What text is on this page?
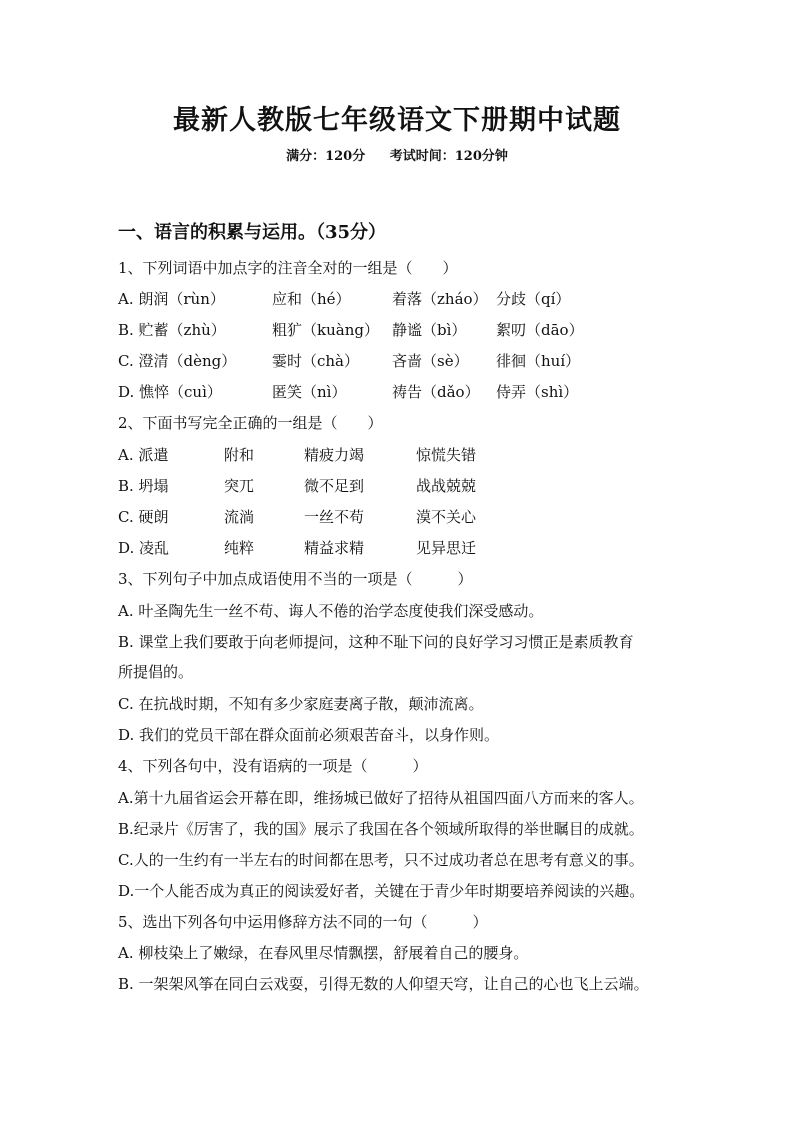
最新人教版七年级语文下册期中试题
满分：120分 考试时间：120分钟
一、语言的积累与运用。（35分）
1、下列词语中加点字的注音全对的一组是（　　）
A. 朗润（rùn）	应和（hé）	着落（zháo） 分歧（qí）
B. 贮蓄（zhù）	粗犷（kuàng） 静谧（bì） 絮叨（dāo）
C. 澄清（dèng） 霎时（chà） 吝啬（sè） 徘徊（huí）
D. 憔悴（cuì）	匿笑（nì）	祷告（dǎo） 侍弄（shì）
2、下面书写完全正确的一组是（　　）
A. 派遣	附和	精疲力竭	惊慌失错
B. 坍塌	突兀	微不足到	战战兢兢
C. 硬朗	流淌	一丝不苟	漠不关心
D. 凌乱	纯粹	精益求精	见异思迁
3、下列句子中加点成语使用不当的一项是（　　　）
A. 叶圣陶先生一丝不苟、诲人不倦的治学态度使我们深受感动。
B. 课堂上我们要敢于向老师提问，这种不耻下问的良好学习习惯正是素质教育
所提倡的。
C. 在抗战时期，不知有多少家庭妻离子散，颠沛流离。
D. 我们的党员干部在群众面前必须艰苦奋斗，以身作则。
4、下列各句中，没有语病的一项是（　　　）
A.第十九届省运会开幕在即，维扬城已做好了招待从祖国四面八方而来的客人。
B.纪录片《厉害了，我的国》展示了我国在各个领域所取得的举世瞩目的成就。
C.人的一生约有一半左右的时间都在思考，只不过成功者总在思考有意义的事。
D.一个人能否成为真正的阅读爱好者，关键在于青少年时期要培养阅读的兴趣。
5、选出下列各句中运用修辞方法不同的一句（　　　）
A. 柳枝染上了嫩绿，在春风里尽情飘摆，舒展着自己的腰身。
B. 一架架风筝在同白云戏耍，引得无数的人仰望天穹，让自己的心也飞上云端。
